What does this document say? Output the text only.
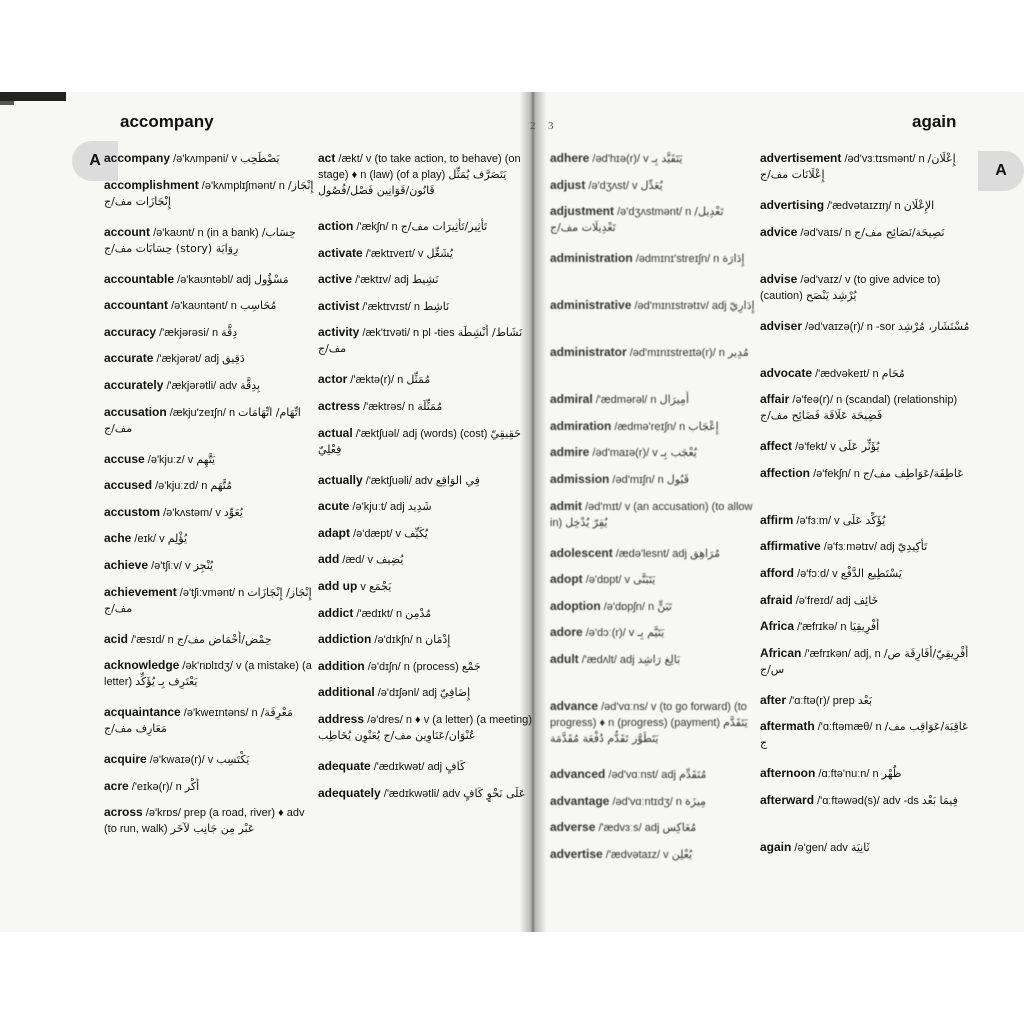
accompany	again
2 3
A
A
accompany /ə'kʌmpəni/ v يَصْطَحِب
accomplishment /ə'kʌmplɪʃmənt/ n إِنْجَاز/إِنْجَازَات مف/ج
account /ə'kaʊnt/ n (in a bank) حِسَاب/ رِوَايَة (story) حِسَابَات مف/ج
accountable /ə'kaʊntəbl/ adj مَسْؤُول
accountant /ə'kaʊntənt/ n مُحَاسِب
accuracy /'ækjərəsi/ n دِقَّة
accurate /'ækjərət/ adj دَقِيق
accurately /'ækjərətli/ adv بِدِقَّة
accusation /ækju'zeɪʃn/ n اتِّهَام/ اتِّهَامَات مف/ج
accuse /ə'kjuːz/ v يَتَّهِم
accused /ə'kjuːzd/ n مُتَّهَم
accustom /ə'kʌstəm/ v يُعَوِّد
ache /eɪk/ v يُؤْلِم
achieve /ə'tʃiːv/ v يُنْجِز
achievement /ə'tʃiːvmənt/ n إِنْجَاز/ إِنْجَازَات مف/ج
acid /'æsɪd/ n حِمْض/أَحْمَاض مف/ج
acknowledge /ək'nɒlɪdʒ/ v (a mistake) (a letter) يَعْتَرِف بِـ يُؤَكِّد
acquaintance /ə'kweɪntəns/ n مَعْرِفَة/ مَعَارِف مف/ج
acquire /ə'kwaɪə(r)/ v يَكْتَسِب
acre /'eɪkə(r)/ n أَكْر
across /ə'krɒs/ prep (a road, river) ♦ adv (to run, walk) عَبْر مِن جَانِب لآخَر
act /ækt/ v (to take action, to behave) (on stage) ♦ n (law) (of a play) يَتَصَرَّف يُمَثِّل قَانُون/قَوَانِين فَصْل/فُصُول
action /'ækʃn/ n تَأْثِير/تَأْثِيرَات مف/ج
activate /'æktɪveɪt/ v يُشَغِّل
active /'æktɪv/ adj نَشِيط
activist /'æktɪvɪst/ n نَاشِط
activity /æk'tɪvəti/ n pl -ties نَشَاط/ أَنْشِطَة مف/ج
actor /'æktə(r)/ n مُمَثِّل
actress /'æktrəs/ n مُمَثِّلَة
actual /'æktʃuəl/ adj (words) (cost) حَقِيقِيّ فِعْلِيّ
actually /'æktʃuəli/ adv فِي الوَاقِع
acute /ə'kjuːt/ adj شَدِيد
adapt /ə'dæpt/ v يُكَيِّف
add /æd/ v يُضِيف
add up v يَجْمَع
addict /'ædɪkt/ n مُدْمِن
addiction /ə'dɪkʃn/ n إِدْمَان
addition /ə'dɪʃn/ n (process) جَمْع
additional /ə'dɪʃənl/ adj إِضَافِيّ
address /ə'dres/ n ♦ v (a letter) (a meeting) عُنْوَان/عَنَاوِين مف/ج يُعَنْوِن يُخَاطِب
adequate /'ædɪkwət/ adj كَافٍ
adequately /'ædɪkwətli/ adv عَلَى نَحْوٍ كَافٍ
adhere /əd'hɪə(r)/ v يَتَقَيَّد بِـ
adjust /ə'dʒʌst/ v يُعَدِّل
adjustment /ə'dʒʌstmənt/ n تَعْدِيل/ تَعْدِيلَات مف/ج
administration /ədmɪnɪ'streɪʃn/ n إِدَارَة
administrative /əd'mɪnɪstrətɪv/ adj إِدَارِيّ
administrator /əd'mɪnɪstreɪtə(r)/ n مُدِير
admiral /'ædmərəl/ n أَمِيرَال
admiration /ædmə'reɪʃn/ n إِعْجَاب
admire /əd'maɪə(r)/ v يُعْجَب بِـ
admission /əd'mɪʃn/ n قَبُول
admit /əd'mɪt/ v (an accusation) (to allow in) يُقِرّ يُدْخِل
adolescent /ædə'lesnt/ adj مُرَاهِق
adopt /ə'dɒpt/ v يَتَبَنَّى
adoption /ə'dɒpʃn/ n تَبَنٍّ
adore /ə'dɔː(r)/ v يَتَيَّم بِـ
adult /'ædʌlt/ adj بَالِغ رَاشِد
advance /əd'vɑːns/ v (to go forward) (to progress) ♦ n (progress) (payment) يَتَقَدَّم يَتَطَوَّر تَقَدُّم دُفْعَة مُقَدَّمَة
advanced /əd'vɑːnst/ adj مُتَقَدِّم
advantage /əd'vɑːntɪdʒ/ n مِيزَة
adverse /'ædvɜːs/ adj مُعَاكِس
advertise /'ædvətaɪz/ v يُعْلِن
advertisement /əd'vɜːtɪsmənt/ n إِعْلَان/إِعْلَانَات مف/ج
advertising /'ædvətaɪzɪŋ/ n الإِعْلَان
advice /əd'vaɪs/ n نَصِيحَة/نَصَائِح مف/ج
advise /əd'vaɪz/ v (to give advice to) (caution) يُرْشِد يَنْصَح
adviser /əd'vaɪzə(r)/ n -sor مُسْتَشَار، مُرْشِد
advocate /'ædvəkeɪt/ n مُحَام
affair /ə'feə(r)/ n (scandal) (relationship) فَضِيحَة عَلَاقَة فَضَائِح مف/ج
affect /ə'fekt/ v يُؤَثِّر عَلَى
affection /ə'fekʃn/ n عَاطِفَة/عَوَاطِف مف/ج
affirm /ə'fɜːm/ v يُؤَكِّد عَلَى
affirmative /ə'fɜːmətɪv/ adj تَأْكِيدِيّ
afford /ə'fɔːd/ v يَسْتَطِيع الدَّفْع
afraid /ə'freɪd/ adj خَائِف
Africa /'æfrɪkə/ n أَفْرِيقِيَا
African /'æfrɪkən/ adj, n أَفْرِيقِيّ/أَفَارِقَة ص/س/ج
after /'ɑːftə(r)/ prep بَعْد
aftermath /'ɑːftəmæθ/ n عَاقِبَة/عَوَاقِب مف/ج
afternoon /ɑːftə'nuːn/ n ظُهْر
afterward /'ɑːftəwəd(s)/ adv -ds فِيمَا بَعْد
again /ə'gen/ adv ثَانِيَة
